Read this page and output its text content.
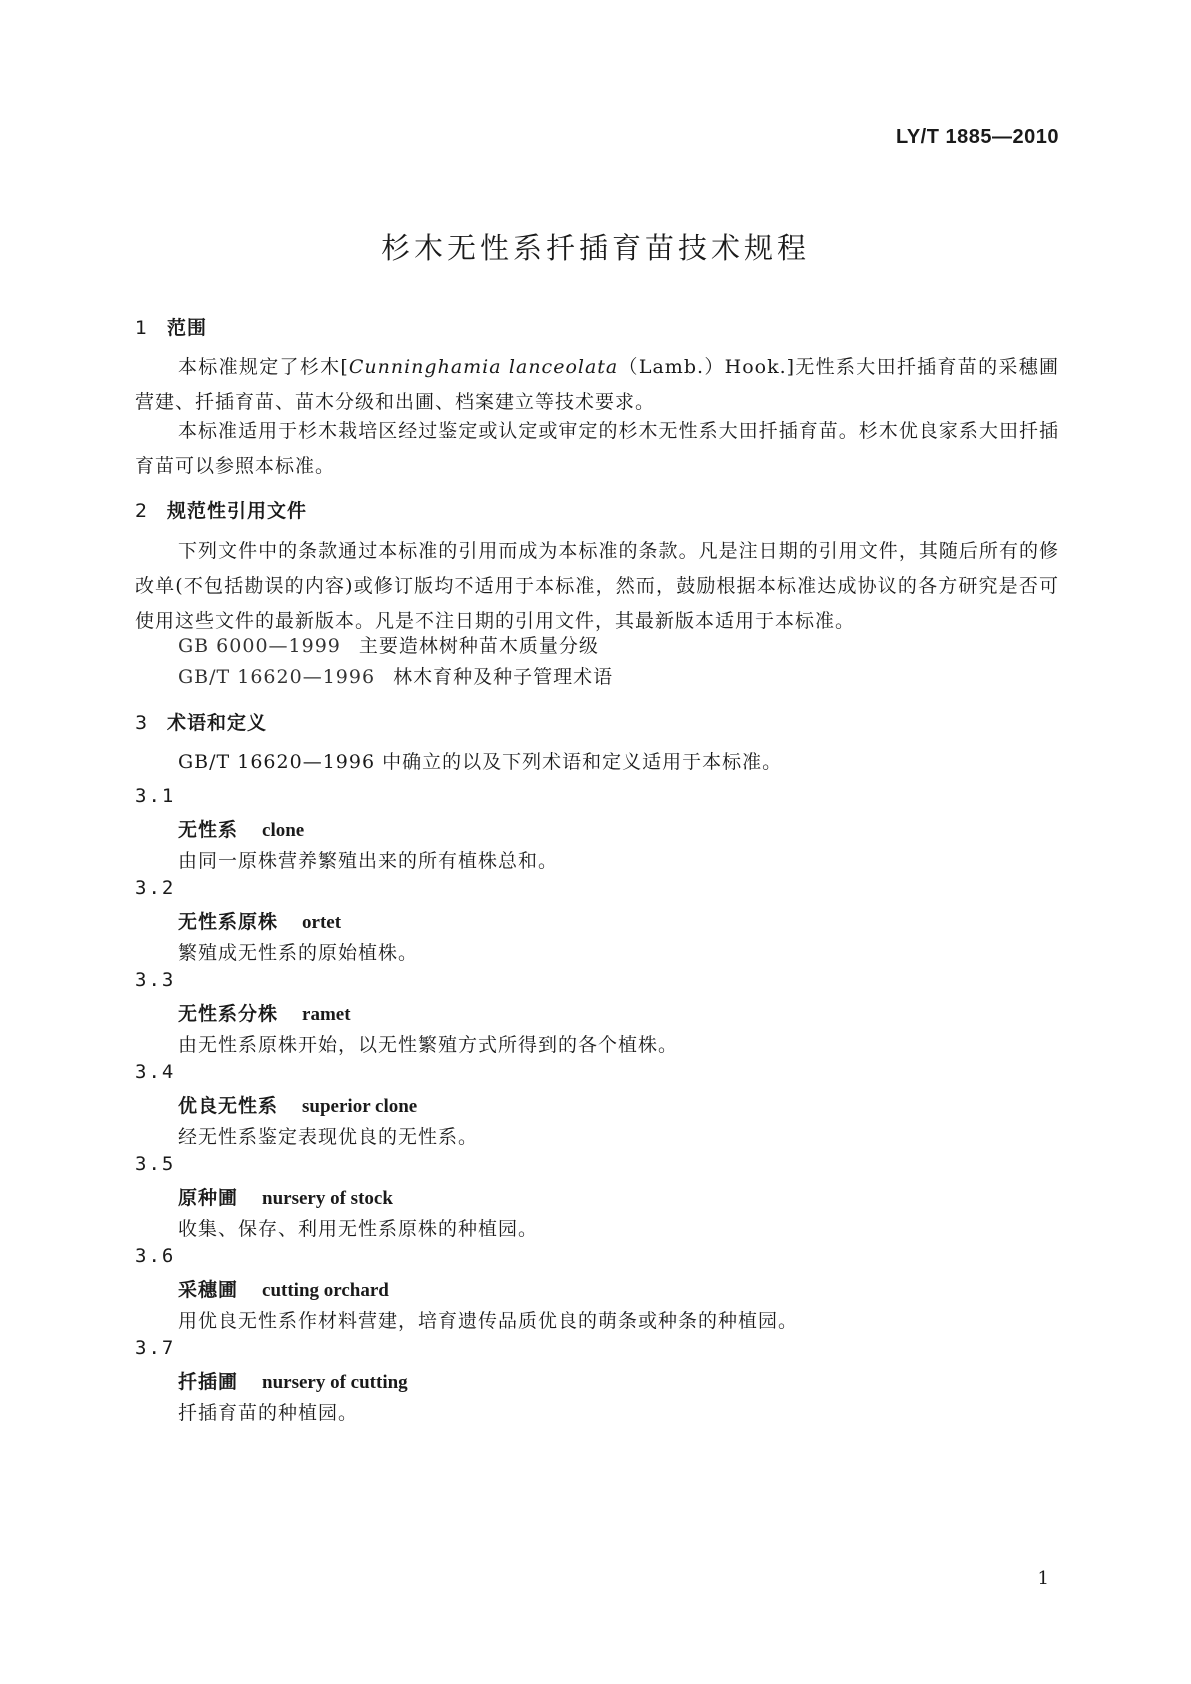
LY/T 1885—2010
杉木无性系扦插育苗技术规程
1 范围
本标准规定了杉木[Cunninghamia lanceolata（Lamb.）Hook.]无性系大田扦插育苗的采穗圃营建、扦插育苗、苗木分级和出圃、档案建立等技术要求。
本标准适用于杉木栽培区经过鉴定或认定或审定的杉木无性系大田扦插育苗。杉木优良家系大田扦插育苗可以参照本标准。
2 规范性引用文件
下列文件中的条款通过本标准的引用而成为本标准的条款。凡是注日期的引用文件，其随后所有的修改单(不包括勘误的内容)或修订版均不适用于本标准，然而，鼓励根据本标准达成协议的各方研究是否可使用这些文件的最新版本。凡是不注日期的引用文件，其最新版本适用于本标准。
GB 6000—1999 主要造林树种苗木质量分级
GB/T 16620—1996 林木育种及种子管理术语
3 术语和定义
GB/T 16620—1996 中确立的以及下列术语和定义适用于本标准。
3.1
无性系 clone
由同一原株营养繁殖出来的所有植株总和。
3.2
无性系原株 ortet
繁殖成无性系的原始植株。
3.3
无性系分株 ramet
由无性系原株开始，以无性繁殖方式所得到的各个植株。
3.4
优良无性系 superior clone
经无性系鉴定表现优良的无性系。
3.5
原种圃 nursery of stock
收集、保存、利用无性系原株的种植园。
3.6
采穗圃 cutting orchard
用优良无性系作材料营建，培育遗传品质优良的萌条或种条的种植园。
3.7
扦插圃 nursery of cutting
扦插育苗的种植园。
1
